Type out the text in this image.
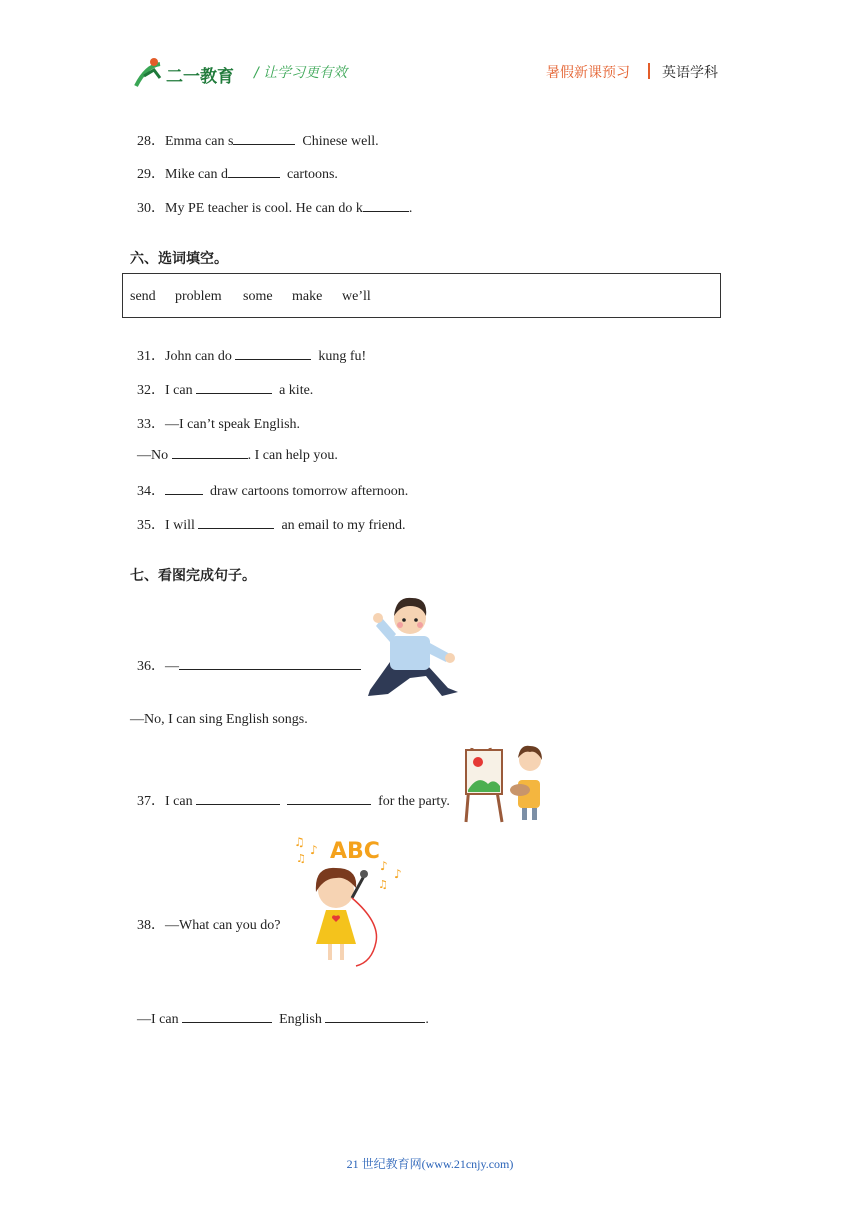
二一教育 / 让学习更有效	暑假新课预习 英语学科

28．Emma can s	Chinese well.

29．Mike can d	cartoons.

30．My PE teacher is cool. He can do k	.

六、选词填空。
send problem some make we’ll

31．John can do	kung fu!

32．I can	a kite.

33．—I can’t speak English.

—No	. I can help you.

34．	draw cartoons tomorrow afternoon.

35．I will	an email to my friend.

七、看图完成句子。

36．—

—No, I can sing English songs.

37．I can	for the party.

ABC
♫
♪
♫
♪
♪
♫

38．—What can you do?

—I can	English	.

21 世纪教育网(www.21cnjy.com)
